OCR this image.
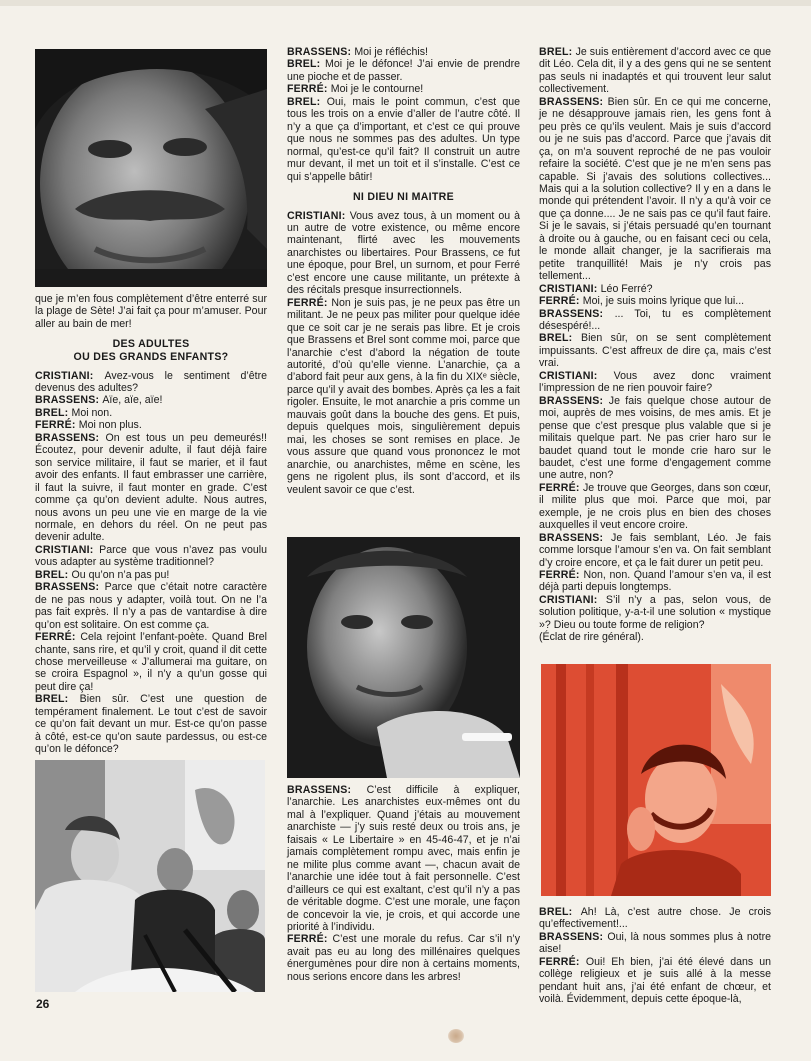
que je m’en fous complètement d’être enterré sur la plage de Sète! J’ai fait ça pour m’amuser. Pour aller au bain de mer!

DES ADULTES
OU DES GRANDS ENFANTS?

CRISTIANI: Avez-vous le sentiment d’être devenus des adultes?

BRASSENS: Aïe, aïe, aïe!

BREL: Moi non.

FERRÉ: Moi non plus.

BRASSENS: On est tous un peu demeurés!! Écoutez, pour devenir adulte, il faut déjà faire son service militaire, il faut se marier, et il faut avoir des enfants. Il faut embrasser une carrière, il faut la suivre, il faut monter en grade. C’est comme ça qu’on devient adulte. Nous autres, nous avons un peu une vie en marge de la vie normale, en dehors du réel. On ne peut pas devenir adulte.

CRISTIANI: Parce que vous n’avez pas voulu vous adapter au système traditionnel?

BREL: Ou qu’on n’a pas pu!

BRASSENS: Parce que c’était notre caractère de ne pas nous y adapter, voilà tout. On ne l’a pas fait exprès. Il n’y a pas de vantardise à dire qu’on est solitaire. On est comme ça.

FERRÉ: Cela rejoint l’enfant-poète. Quand Brel chante, sans rire, et qu’il y croit, quand il dit cette chose merveilleuse « J’allumerai ma guitare, on se croira Espagnol », il n’y a qu’un gosse qui peut dire ça!

BREL: Bien sûr. C’est une question de tempérament finalement. Le tout c’est de savoir ce qu’on fait devant un mur. Est-ce qu’on passe à côté, est-ce qu’on saute pardessus, ou est-ce qu’on le défonce?

BRASSENS: Moi je réfléchis!

BREL: Moi je le défonce! J’ai envie de prendre une pioche et de passer.

FERRÉ: Moi je le contourne!

BREL: Oui, mais le point commun, c’est que tous les trois on a envie d’aller de l’autre côté. Il n’y a que ça d’important, et c’est ce qui prouve que nous ne sommes pas des adultes. Un type normal, qu’est-ce qu’il fait? Il construit un autre mur devant, il met un toit et il s’installe. C’est ce qui s’appelle bâtir!

NI DIEU NI MAITRE

CRISTIANI: Vous avez tous, à un moment ou à un autre de votre existence, ou même encore maintenant, flirté avec les mouvements anarchistes ou libertaires. Pour Brassens, ce fut une époque, pour Brel, un surnom, et pour Ferré c’est encore une cause militante, un prétexte à des récitals presque insurrectionnels.

FERRÉ: Non je suis pas, je ne peux pas être un militant. Je ne peux pas militer pour quelque idée que ce soit car je ne serais pas libre. Et je crois que Brassens et Brel sont comme moi, parce que l’anarchie c’est d’abord la négation de toute autorité, d’où qu’elle vienne. L’anarchie, ça a d’abord fait peur aux gens, à la fin du XIXᵉ siècle, parce qu’il y avait des bombes. Après ça les a fait rigoler. Ensuite, le mot anarchie a pris comme un mauvais goût dans la bouche des gens. Et puis, depuis quelques mois, singulièrement depuis mai, les choses se sont remises en place. Je vous assure que quand vous prononcez le mot anarchie, ou anarchistes, même en scène, les gens ne rigolent plus, ils sont d’accord, et ils veulent savoir ce que c’est.

BRASSENS: C’est difficile à expliquer, l’anarchie. Les anarchistes eux-mêmes ont du mal à l’expliquer. Quand j’étais au mouvement anarchiste — j’y suis resté deux ou trois ans, je faisais « Le Libertaire » en 45-46-47, et je n’ai jamais complètement rompu avec, mais enfin je ne milite plus comme avant —, chacun avait de l’anarchie une idée tout à fait personnelle. C’est d’ailleurs ce qui est exaltant, c’est qu’il n’y a pas de véritable dogme. C’est une morale, une façon de concevoir la vie, je crois, et qui accorde une priorité à l’individu.

FERRÉ: C’est une morale du refus. Car s’il n’y avait pas eu au long des millénaires quelques énergumènes pour dire non à certains moments, nous serions encore dans les arbres!

BREL: Je suis entièrement d’accord avec ce que dit Léo. Cela dit, il y a des gens qui ne se sentent pas seuls ni inadaptés et qui trouvent leur salut collectivement.

BRASSENS: Bien sûr. En ce qui me concerne, je ne désapprouve jamais rien, les gens font à peu près ce qu’ils veulent. Mais je suis d’accord ou je ne suis pas d’accord. Parce que j’avais dit ça, on m’a souvent reproché de ne pas vouloir refaire la société. C’est que je ne m’en sens pas capable. Si j’avais des solutions collectives... Mais qui a la solution collective? Il y en a dans le monde qui prétendent l’avoir. Il n’y a qu’à voir ce que ça donne.... Je ne sais pas ce qu’il faut faire. Si je le savais, si j’étais persuadé qu’en tournant à droite ou à gauche, ou en faisant ceci ou cela, le monde allait changer, je la sacrifierais ma petite tranquillité! Mais je n’y crois pas tellement...

CRISTIANI: Léo Ferré?

FERRÉ: Moi, je suis moins lyrique que lui...

BRASSENS: ... Toi, tu es complètement désespéré!...

BREL: Bien sûr, on se sent complètement impuissants. C’est affreux de dire ça, mais c’est vrai.

CRISTIANI: Vous avez donc vraiment l’impression de ne rien pouvoir faire?

BRASSENS: Je fais quelque chose autour de moi, auprès de mes voisins, de mes amis. Et je pense que c’est presque plus valable que si je militais quelque part. Ne pas crier haro sur le baudet quand tout le monde crie haro sur le baudet, c’est une forme d’engagement comme une autre, non?

FERRÉ: Je trouve que Georges, dans son cœur, il milite plus que moi. Parce que moi, par exemple, je ne crois plus en bien des choses auxquelles il veut encore croire.

BRASSENS: Je fais semblant, Léo. Je fais comme lorsque l’amour s’en va. On fait semblant d’y croire encore, et ça le fait durer un petit peu.

FERRÉ: Non, non. Quand l’amour s’en va, il est déjà parti depuis longtemps.

CRISTIANI: S’il n’y a pas, selon vous, de solution politique, y-a-t-il une solution « mystique »? Dieu ou toute forme de religion?

(Éclat de rire général).

BREL: Ah! Là, c’est autre chose. Je crois qu’effectivement!...

BRASSENS: Oui, là nous sommes plus à notre aise!

FERRÉ: Oui! Eh bien, j’ai été élevé dans un collège religieux et je suis allé à la messe pendant huit ans, j’ai été enfant de chœur, et voilà. Évidemment, depuis cette époque-là,

26
